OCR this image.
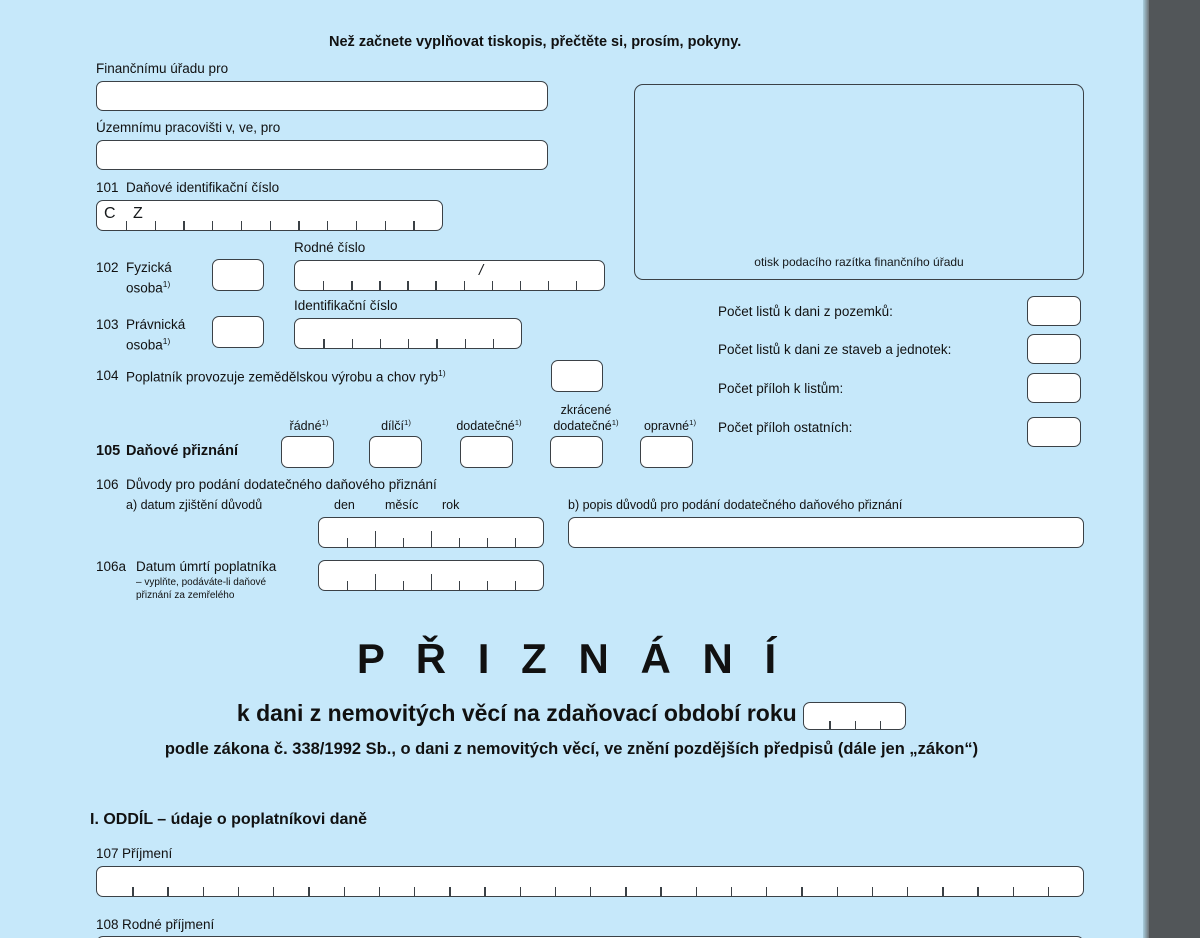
Než začnete vyplňovat tiskopis, přečtěte si, prosím, pokyny.
Finančnímu úřadu pro
Územnímu pracovišti v, ve, pro
101 Daňové identifikační číslo
C Z
102 Fyzická
osoba$^{1)}$
Rodné číslo
/
103 Právnická
osoba$^{1)}$
Identifikační číslo
104 Poplatník provozuje zemědělskou výrobu a chov ryb$^{1)}$
105 Daňové přiznání
řádné$^{1)}$	dílčí$^{1)}$	dodatečné$^{1)}$
zkrácené
dodatečné$^{1)}$	opravné$^{1)}$
106 Důvody pro podání dodatečného daňového přiznání
a) datum zjištění důvodů	den měsíc rok	b) popis důvodů pro podání dodatečného daňového přiznání
106a Datum úmrtí poplatníka
– vyplňte, podáváte-li daňové
přiznání za zemřelého
otisk podacího razítka finančního úřadu
Počet listů k dani z pozemků:
Počet listů k dani ze staveb a jednotek:
Počet příloh k listům:
Počet příloh ostatních:
P Ř I Z N Á N Í
k dani z nemovitých věcí na zdaňovací období roku
podle zákona č. 338/1992 Sb., o dani z nemovitých věcí, ve znění pozdějších předpisů (dále jen „zákon“)
I. ODDÍL – údaje o poplatníkovi daně
107 Příjmení
108 Rodné příjmení
